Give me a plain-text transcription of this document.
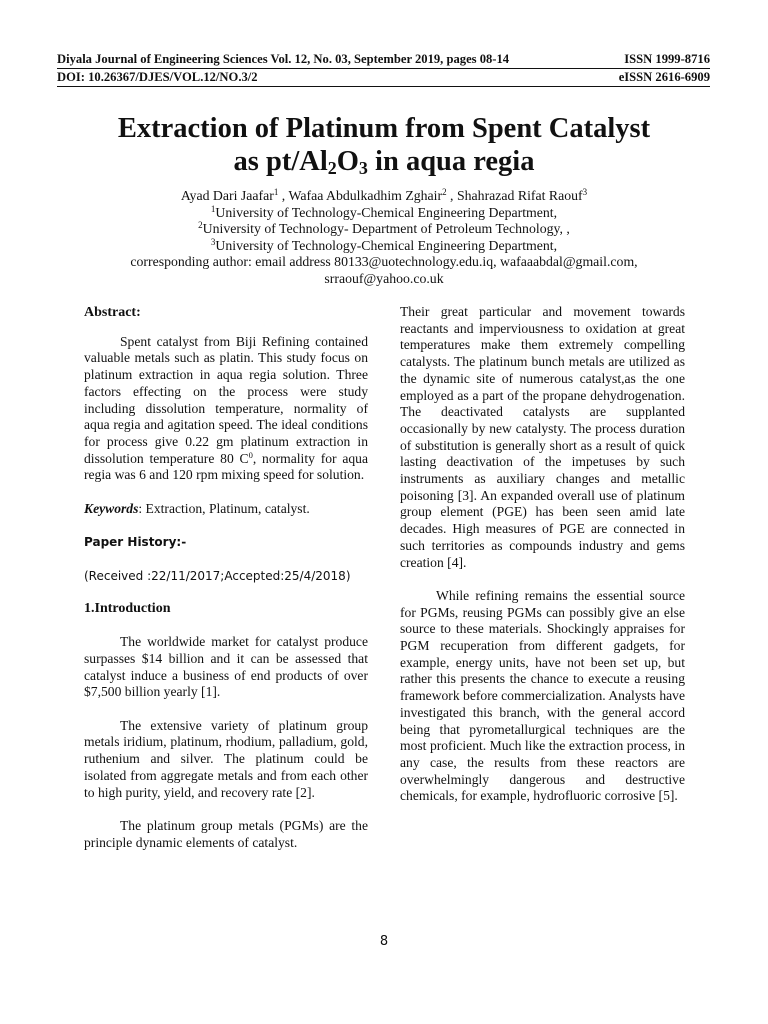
Diyala Journal of Engineering Sciences Vol. 12, No. 03, September 2019, pages 08-14	ISSN 1999-8716
DOI: 10.26367/DJES/VOL.12/NO.3/2	eISSN 2616-6909
Extraction of Platinum from Spent Catalyst
as $pt/Al_2O_3$ in aqua regia
Ayad Dari Jaafar$^1$ , Wafaa Abdulkadhim Zghair$^2$ , Shahrazad Rifat Raouf$^3$
$^1$University of Technology-Chemical Engineering Department,
$^2$University of Technology- Department of Petroleum Technology, ,
$^3$University of Technology-Chemical Engineering Department,
corresponding author: email address 80133@uotechnology.edu.iq, wafaaabdal@gmail.com,
srraouf@yahoo.co.uk
Abstract:

Spent catalyst from Biji Refining contained valuable metals such as platin. This study focus on platinum extraction in aqua regia solution. Three factors effecting on the process were study including dissolution temperature, normality of aqua regia and agitation speed. The ideal conditions for process give 0.22 gm platinum extraction in dissolution temperature 80 $C^0$, normality for aqua regia was 6 and 120 rpm mixing speed for solution.

Keywords: Extraction, Platinum, catalyst.

Paper History:-

(Received :22/11/2017;Accepted:25/4/2018)

1.Introduction

The worldwide market for catalyst produce surpasses $14 billion and it can be assessed that catalyst induce a business of end products of over $7,500 billion yearly [1].

The extensive variety of platinum group metals iridium, platinum, rhodium, palladium, gold, ruthenium and silver. The platinum could be isolated from aggregate metals and from each other to high purity, yield, and recovery rate [2].

The platinum group metals (PGMs) are the principle dynamic elements of catalyst.

Their great particular and movement towards reactants and imperviousness to oxidation at great temperatures make them extremely compelling catalysts. The platinum bunch metals are utilized as the dynamic site of numerous catalyst,as the one employed as a part of the propane dehydrogenation. The deactivated catalysts are supplanted occasionally by new catalysty. The process duration of substitution is generally short as a result of quick lasting deactivation of the impetuses by such instruments as auxiliary changes and metallic poisoning [3]. An expanded overall use of platinum group element (PGE) has been seen amid late decades. High measures of PGE are connected in such territories as compounds industry and gems creation [4].

While refining remains the essential source for PGMs, reusing PGMs can possibly give an else source to these materials. Shockingly appraises for PGM recuperation from different gadgets, for example, energy units, have not been set up, but rather this presents the chance to execute a reusing framework before commercialization. Analysts have investigated this branch, with the general accord being that pyrometallurgical techniques are the most proficient. Much like the extraction process, in any case, the results from these reactors are overwhelmingly dangerous and destructive chemicals, for example, hydrofluoric corrosive [5].

8
